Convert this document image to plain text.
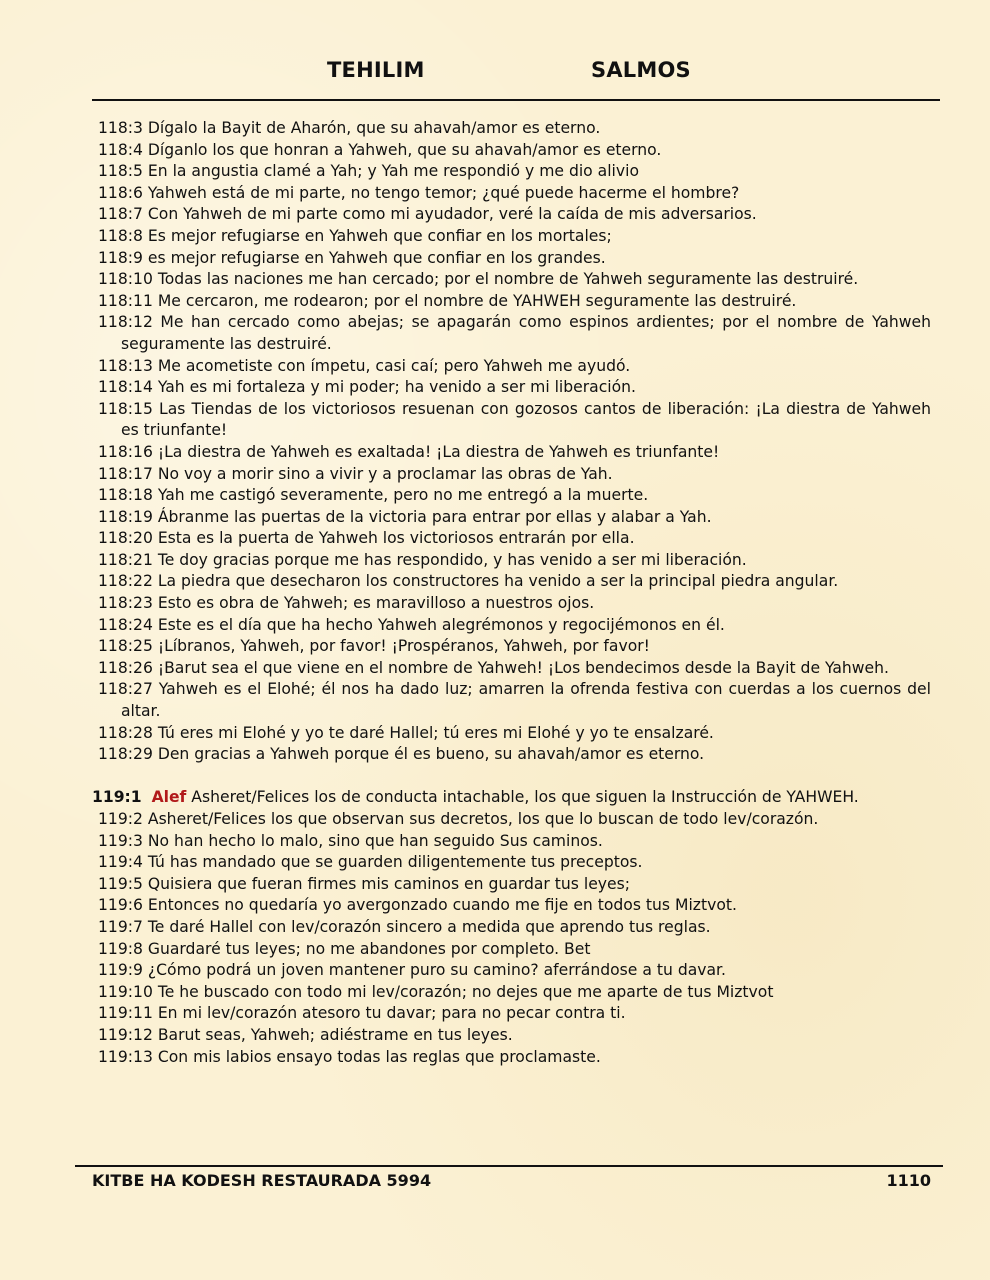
TEHILIM	SALMOS
118:3 Dígalo la Bayit de Aharón, que su ahavah/amor es eterno.
118:4 Díganlo los que honran a Yahweh, que su ahavah/amor es eterno.
118:5 En la angustia clamé a Yah; y Yah me respondió y me dio alivio
118:6 Yahweh está de mi parte, no tengo temor; ¿qué puede hacerme el hombre?
118:7 Con Yahweh de mi parte como mi ayudador, veré la caída de mis adversarios.
118:8 Es mejor refugiarse en Yahweh que confiar en los mortales;
118:9 es mejor refugiarse en Yahweh que confiar en los grandes.
118:10 Todas las naciones me han cercado; por el nombre de Yahweh seguramente las destruiré.
118:11 Me cercaron, me rodearon; por el nombre de YAHWEH seguramente las destruiré.
118:12 Me han cercado como abejas; se apagarán como espinos ardientes; por el nombre de Yahweh seguramente las destruiré.
118:13 Me acometiste con ímpetu, casi caí; pero Yahweh me ayudó.
118:14 Yah es mi fortaleza y mi poder; ha venido a ser mi liberación.
118:15 Las Tiendas de los victoriosos resuenan con gozosos cantos de liberación: ¡La diestra de Yahweh es triunfante!
118:16 ¡La diestra de Yahweh es exaltada! ¡La diestra de Yahweh es triunfante!
118:17 No voy a morir sino a vivir y a proclamar las obras de Yah.
118:18 Yah me castigó severamente, pero no me entregó a la muerte.
118:19 Ábranme las puertas de la victoria para entrar por ellas y alabar a Yah.
118:20 Esta es la puerta de Yahweh los victoriosos entrarán por ella.
118:21 Te doy gracias porque me has respondido, y has venido a ser mi liberación.
118:22 La piedra que desecharon los constructores ha venido a ser la principal piedra angular.
118:23 Esto es obra de Yahweh; es maravilloso a nuestros ojos.
118:24 Este es el día que ha hecho Yahweh alegrémonos y regocijémonos en él.
118:25 ¡Líbranos, Yahweh, por favor! ¡Prospéranos, Yahweh, por favor!
118:26 ¡Barut sea el que viene en el nombre de Yahweh! ¡Los bendecimos desde la Bayit de Yahweh.
118:27 Yahweh es el Elohé; él nos ha dado luz; amarren la ofrenda festiva con cuerdas a los cuernos del altar.
118:28 Tú eres mi Elohé y yo te daré Hallel; tú eres mi Elohé y yo te ensalzaré.
118:29 Den gracias a Yahweh porque él es bueno, su ahavah/amor es eterno.
119:1 Alef Asheret/Felices los de conducta intachable, los que siguen la Instrucción de YAHWEH.
119:2 Asheret/Felices los que observan sus decretos, los que lo buscan de todo lev/corazón.
119:3 No han hecho lo malo, sino que han seguido Sus caminos.
119:4 Tú has mandado que se guarden diligentemente tus preceptos.
119:5 Quisiera que fueran firmes mis caminos en guardar tus leyes;
119:6 Entonces no quedaría yo avergonzado cuando me fije en todos tus Miztvot.
119:7 Te daré Hallel con lev/corazón sincero a medida que aprendo tus reglas.
119:8 Guardaré tus leyes; no me abandones por completo. Bet
119:9 ¿Cómo podrá un joven mantener puro su camino? aferrándose a tu davar.
119:10 Te he buscado con todo mi lev/corazón; no dejes que me aparte de tus Miztvot
119:11 En mi lev/corazón atesoro tu davar; para no pecar contra ti.
119:12 Barut seas, Yahweh; adiéstrame en tus leyes.
119:13 Con mis labios ensayo todas las reglas que proclamaste.
KITBE HA KODESH RESTAURADA 5994	1110
